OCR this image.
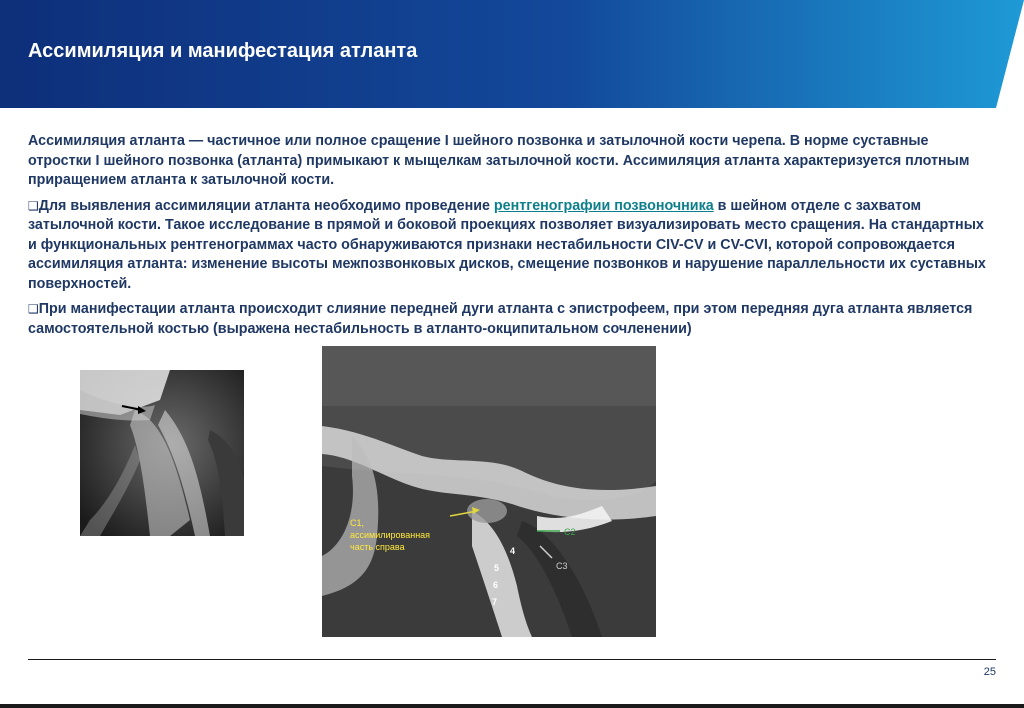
Ассимиляция и манифестация атланта

Ассимиляция атланта — частичное или полное сращение I шейного позвонка и затылочной кости черепа. В норме суставные отростки I шейного позвонка (атланта) примыкают к мыщелкам затылочной кости. Ассимиляция атланта характеризуется плотным приращением атланта к затылочной кости.

❑Для выявления ассимиляции атланта необходимо проведение рентгенографии позвоночника в шейном отделе с захватом затылочной кости. Такое исследование в прямой и боковой проекциях позволяет визуализировать место сращения. На стандартных и функциональных рентгенограммах часто обнаруживаются признаки нестабильности CIV-CV и CV-CVI, которой сопровождается ассимиляция атланта: изменение высоты межпозвонковых дисков, смещение позвонков и нарушение параллельности их суставных поверхностей.

❑При манифестации атланта происходит слияние передней дуги атланта с эпистрофеем, при этом передняя дуга атланта является самостоятельной костью (выражена нестабильность в атланто-окципитальном сочленении)

C1,
ассимилированная
часть справа
C2
C3
4
5
6
7
25
